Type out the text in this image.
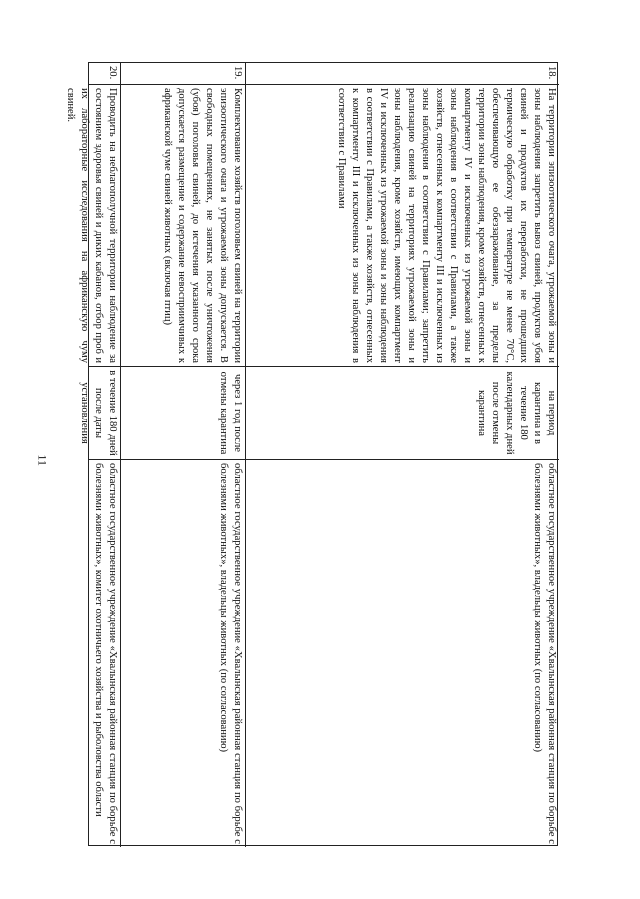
11
18.
На территории эпизоотического очага, угрожаемой зоны и зоны наблюдения запретить вывоз свиней, продуктов убоя свиней и продуктов их переработки, не прошедших термическую обработку при температуре не менее 70°С, обеспечивающую ее обеззараживание, за пределы территории зоны наблюдения, кроме хозяйств, отнесенных к компартменту IV и исключенных из угрожаемой зоны и зоны наблюдения в соответствии с Правилами, а также хозяйств, отнесенных к компартменту III и исключенных из зоны наблюдения в соответствии с Правилами; запретить реализацию свиней на территориях угрожаемой зоны и зоны наблюдения, кроме хозяйств, имеющих компартмент IV и исключенных из угрожаемой зоны и зоны наблюдения в соответствии с Правилами, а также хозяйств, отнесенных к компартменту III и исключенных из зоны наблюдения в соответствии с Правилами
на период карантина и в течение 180 календарных дней после отмены карантина
областное государственное учреждение «Хвалынская районная станция по борьбе с болезнями животных», владельцы животных (по согласованию)
19.
Комплектование хозяйств поголовьем свиней на территории эпизоотического очага и угрожаемой зоны допускается. В свободных помещениях, не занятых после уничтожения (убоя) поголовья свиней, до истечения указанного срока допускается размещение и содержание невосприимчивых к африканской чуме свиней животных (включая птиц)
через 1 год после отмены карантина
областное государственное учреждение «Хвалынская районная станция по борьбе с болезнями животных», владельцы животных (по согласованию)
20.
Проводить на неблагополучной территории наблюдение за состоянием здоровья свиней и диких кабанов, отбор проб и их лабораторные исследования на африканскую чуму свиней.
в течение 180 дней после даты установления
областное государственное учреждение «Хвалынская районная станция по борьбе с болезнями животных», комитет охотничьего хозяйства и рыболовства области
